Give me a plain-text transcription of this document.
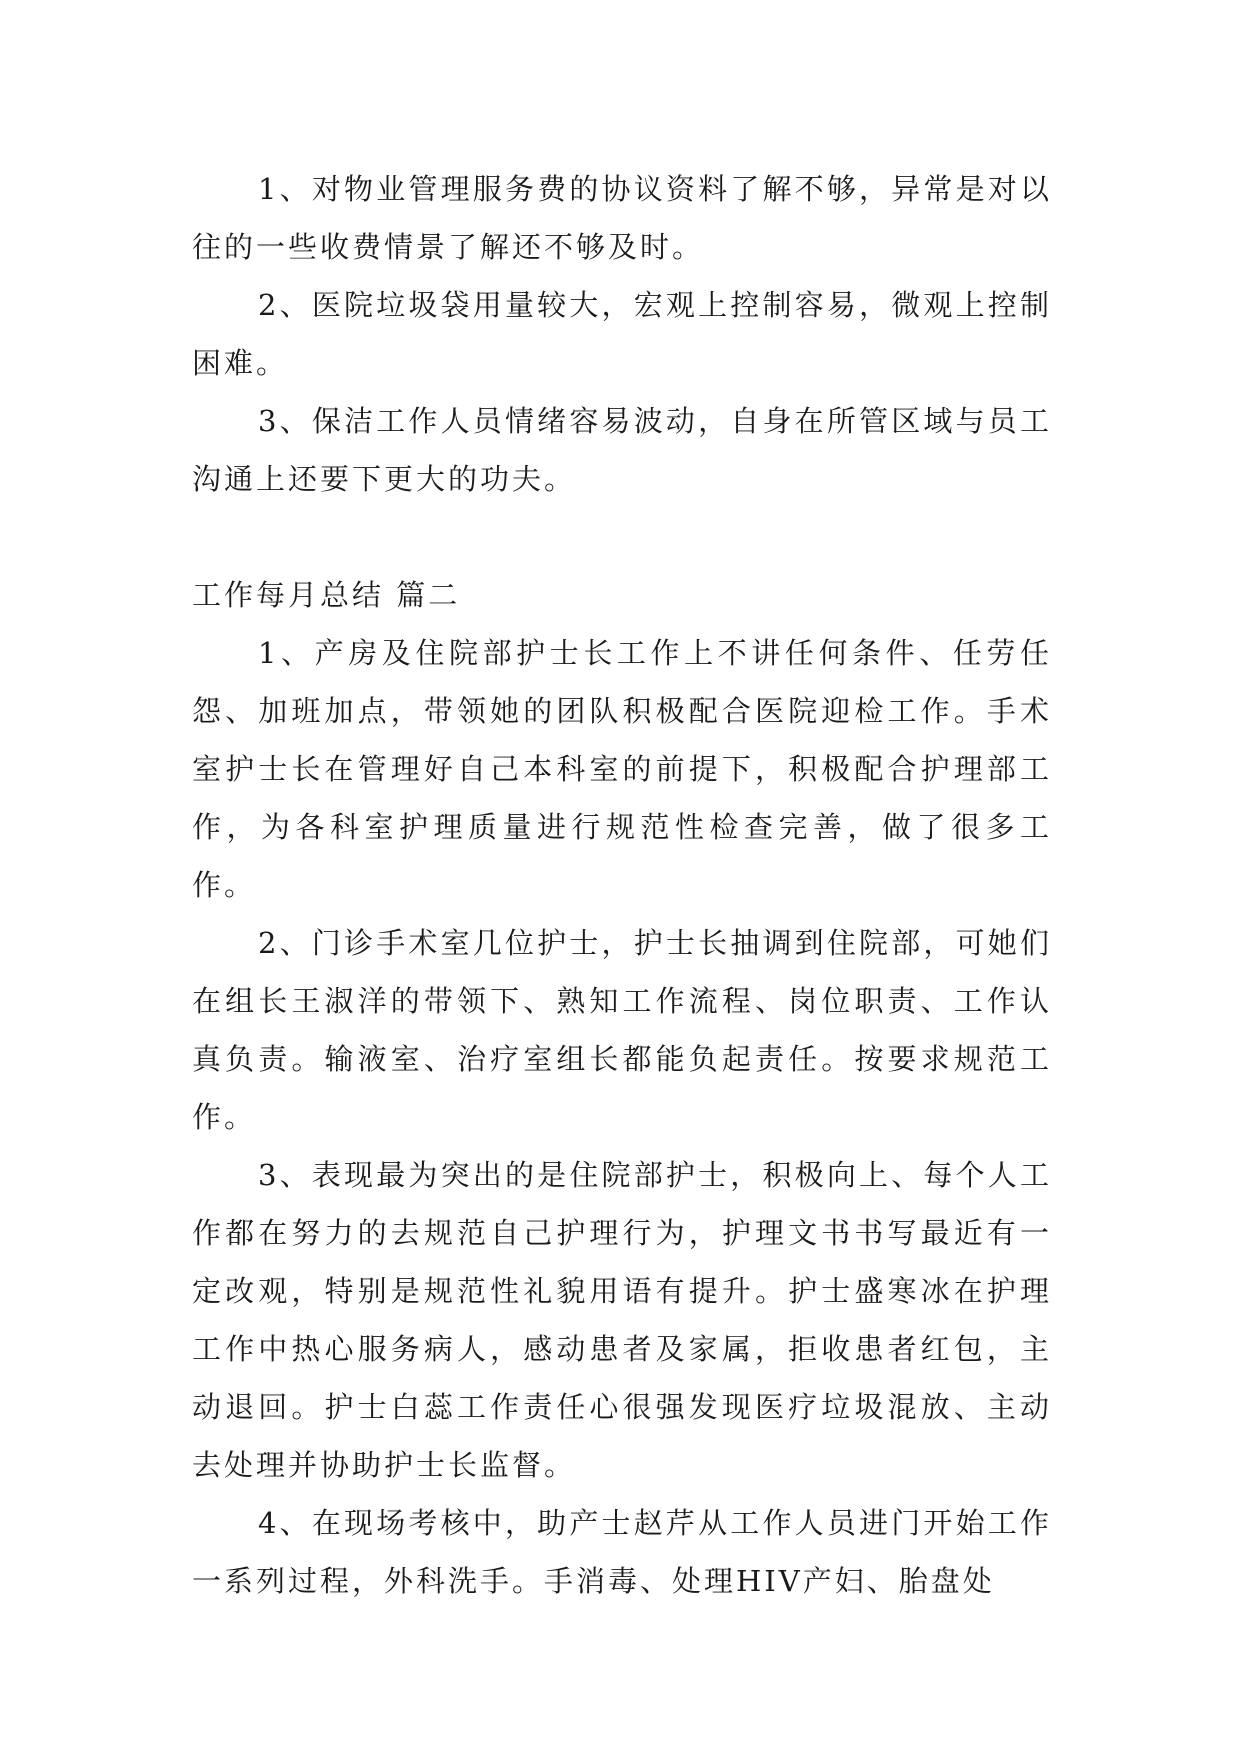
1、对物业管理服务费的协议资料了解不够，异常是对以往的一些收费情景了解还不够及时。

2、医院垃圾袋用量较大，宏观上控制容易，微观上控制困难。

3、保洁工作人员情绪容易波动，自身在所管区域与员工沟通上还要下更大的功夫。

工作每月总结 篇二

1、产房及住院部护士长工作上不讲任何条件、任劳任怨、加班加点，带领她的团队积极配合医院迎检工作。手术室护士长在管理好自己本科室的前提下，积极配合护理部工作，为各科室护理质量进行规范性检查完善，做了很多工作。

2、门诊手术室几位护士，护士长抽调到住院部，可她们在组长王淑洋的带领下、熟知工作流程、岗位职责、工作认真负责。输液室、治疗室组长都能负起责任。按要求规范工作。

3、表现最为突出的是住院部护士，积极向上、每个人工作都在努力的去规范自己护理行为，护理文书书写最近有一定改观，特别是规范性礼貌用语有提升。护士盛寒冰在护理工作中热心服务病人，感动患者及家属，拒收患者红包，主动退回。护士白蕊工作责任心很强发现医疗垃圾混放、主动去处理并协助护士长监督。

4、在现场考核中，助产士赵芹从工作人员进门开始工作一系列过程，外科洗手。手消毒、处理HIV产妇、胎盘处
